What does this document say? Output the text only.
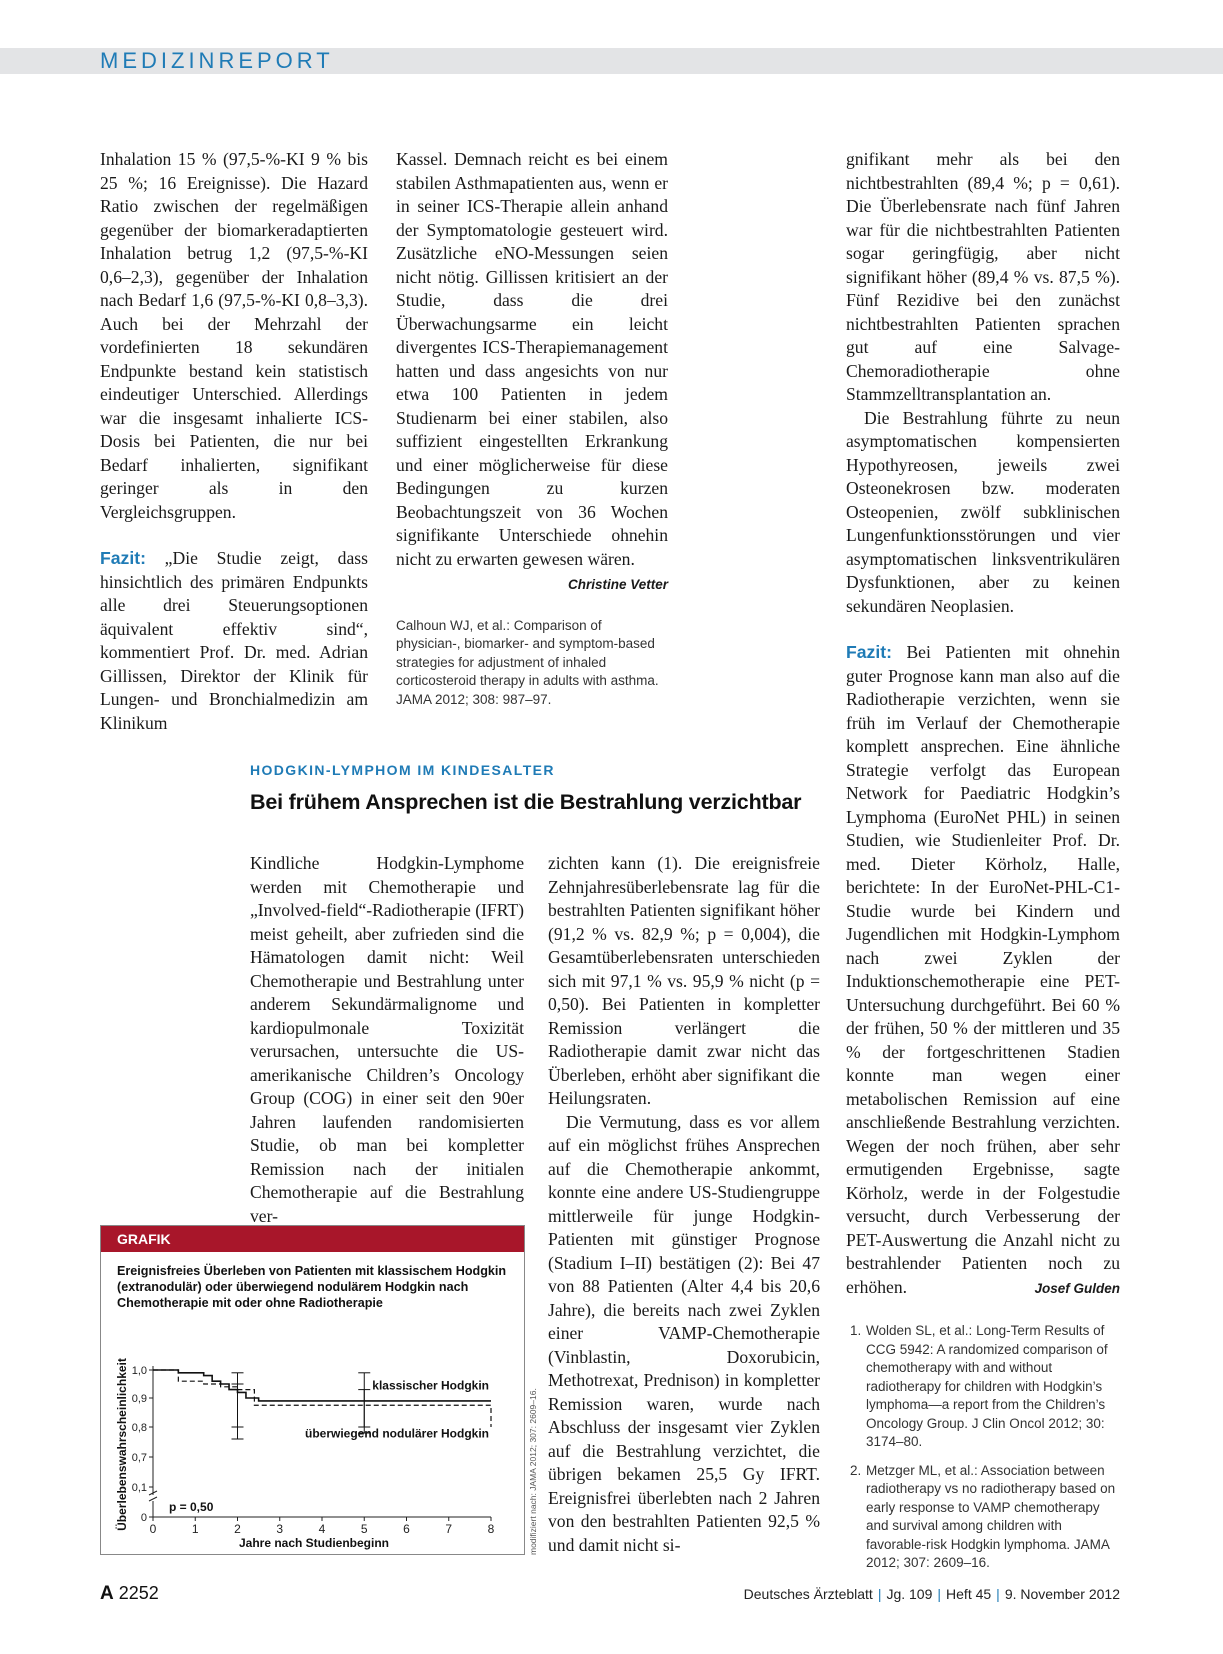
MEDIZINREPORT

Inhalation 15 % (97,5-%-KI 9 % bis 25 %; 16 Ereignisse). Die Hazard Ratio zwischen der regelmäßigen gegenüber der biomarkeradaptierten Inhalation betrug 1,2 (97,5-%-KI 0,6–2,3), gegenüber der Inhalation nach Bedarf 1,6 (97,5-%-KI 0,8–3,3). Auch bei der Mehrzahl der vordefinierten 18 sekundären Endpunkte bestand kein statistisch eindeutiger Unterschied. Allerdings war die insgesamt inhalierte ICS-Dosis bei Patienten, die nur bei Bedarf inhalierten, signifikant geringer als in den Vergleichsgruppen.

Fazit: „Die Studie zeigt, dass hinsichtlich des primären Endpunkts alle drei Steuerungsoptionen äquivalent effektiv sind“, kommentiert Prof. Dr. med. Adrian Gillissen, Direktor der Klinik für Lungen- und Bronchialmedizin am Klinikum

Kassel. Demnach reicht es bei einem stabilen Asthmapatienten aus, wenn er in seiner ICS-Therapie allein anhand der Symptomatologie gesteuert wird. Zusätzliche eNO-Messungen seien nicht nötig. Gillissen kritisiert an der Studie, dass die drei Überwachungsarme ein leicht divergentes ICS-Therapiemanagement hatten und dass angesichts von nur etwa 100 Patienten in jedem Studienarm bei einer stabilen, also suffizient eingestellten Erkrankung und einer möglicherweise für diese Bedingungen zu kurzen Beobachtungszeit von 36 Wochen signifikante Unterschiede ohnehin nicht zu erwarten gewesen wären.

Christine Vetter
Calhoun WJ, et al.: Comparison of physician-, biomarker- and symptom-based strategies for adjustment of inhaled corticosteroid therapy in adults with asthma. JAMA 2012; 308: 987–97.

gnifikant mehr als bei den nichtbestrahlten (89,4 %; p = 0,61). Die Überlebensrate nach fünf Jahren war für die nichtbestrahlten Patienten sogar geringfügig, aber nicht signifikant höher (89,4 % vs. 87,5 %). Fünf Rezidive bei den zunächst nichtbestrahlten Patienten sprachen gut auf eine Salvage-Chemoradiotherapie ohne Stammzelltransplantation an.

Die Bestrahlung führte zu neun asymptomatischen kompensierten Hypothyreosen, jeweils zwei Osteonekrosen bzw. moderaten Osteopenien, zwölf subklinischen Lungenfunktionsstörungen und vier asymptomatischen linksventrikulären Dysfunktionen, aber zu keinen sekundären Neoplasien.

Fazit: Bei Patienten mit ohnehin guter Prognose kann man also auf die Radiotherapie verzichten, wenn sie früh im Verlauf der Chemotherapie komplett ansprechen. Eine ähnliche Strategie verfolgt das European Network for Paediatric Hodgkin’s Lymphoma (EuroNet PHL) in seinen Studien, wie Studienleiter Prof. Dr. med. Dieter Körholz, Halle, berichtete: In der EuroNet-PHL-C1-Studie wurde bei Kindern und Jugendlichen mit Hodgkin-Lymphom nach zwei Zyklen der Induktionschemotherapie eine PET-Untersuchung durchgeführt. Bei 60 % der frühen, 50 % der mittleren und 35 % der fortgeschrittenen Stadien konnte man wegen einer metabolischen Remission auf eine anschließende Bestrahlung verzichten. Wegen der noch frühen, aber sehr ermutigenden Ergebnisse, sagte Körholz, werde in der Folgestudie versucht, durch Verbesserung der PET-Auswertung die Anzahl nicht zu bestrahlender Patienten noch zu erhöhen.	Josef Gulden
HODGKIN-LYMPHOM IM KINDESALTER
Bei frühem Ansprechen ist die Bestrahlung verzichtbar

Kindliche Hodgkin-Lymphome werden mit Chemotherapie und „Involved-field“-Radiotherapie (IFRT) meist geheilt, aber zufrieden sind die Hämatologen damit nicht: Weil Chemotherapie und Bestrahlung unter anderem Sekundärmalignome und kardiopulmonale Toxizität verursachen, untersuchte die US-amerikanische Children’s Oncology Group (COG) in einer seit den 90er Jahren laufenden randomisierten Studie, ob man bei kompletter Remission nach der initialen Chemotherapie auf die Bestrahlung ver-

zichten kann (1). Die ereignisfreie Zehnjahresüberlebensrate lag für die bestrahlten Patienten signifikant höher (91,2 % vs. 82,9 %; p = 0,004), die Gesamtüberlebensraten unterschieden sich mit 97,1 % vs. 95,9 % nicht (p = 0,50). Bei Patienten in kompletter Remission verlängert die Radiotherapie damit zwar nicht das Überleben, erhöht aber signifikant die Heilungsraten.

Die Vermutung, dass es vor allem auf ein möglichst frühes Ansprechen auf die Chemotherapie ankommt, konnte eine andere US-Studiengruppe mittlerweile für junge Hodgkin-Patienten mit günstiger Prognose (Stadium I–II) bestätigen (2): Bei 47 von 88 Patienten (Alter 4,4 bis 20,6 Jahre), die bereits nach zwei Zyklen einer VAMP-Chemotherapie (Vinblastin, Doxorubicin, Methotrexat, Prednison) in kompletter Remission waren, wurde nach Abschluss der insgesamt vier Zyklen auf die Bestrahlung verzichtet, die übrigen bekamen 25,5 Gy IFRT. Ereignisfrei überlebten nach 2 Jahren von den bestrahlten Patienten 92,5 % und damit nicht si-

1. Wolden SL, et al.: Long-Term Results of CCG 5942: A randomized comparison of chemotherapy with and without radiotherapy for children with Hodgkin’s lymphoma—a report from the Children’s Oncology Group. J Clin Oncol 2012; 30: 3174–80.
2. Metzger ML, et al.: Association between radiotherapy vs no radiotherapy based on early response to VAMP chemotherapy and survival among children with favorable-risk Hodgkin lymphoma. JAMA 2012; 307: 2609–16.
GRAFIK
Ereignisfreies Überleben von Patienten mit klassischem Hodgkin (extranodulär) oder überwiegend nodulärem Hodgkin nach Chemotherapie mit oder ohne Radiotherapie
0	1	2	3	4	5	6	7	8
0
0,1
0,7
0,8
0,9
1,0
Jahre nach Studienbeginn
Überlebenswahrscheinlichkeit	klassischer Hodgkin
überwiegend nodulärer Hodgkin
p = 0,50	modifiziert nach: JAMA 2012; 307: 2609–16.
A 2252	Deutsches Ärzteblatt | Jg. 109 | Heft 45 | 9. November 2012
